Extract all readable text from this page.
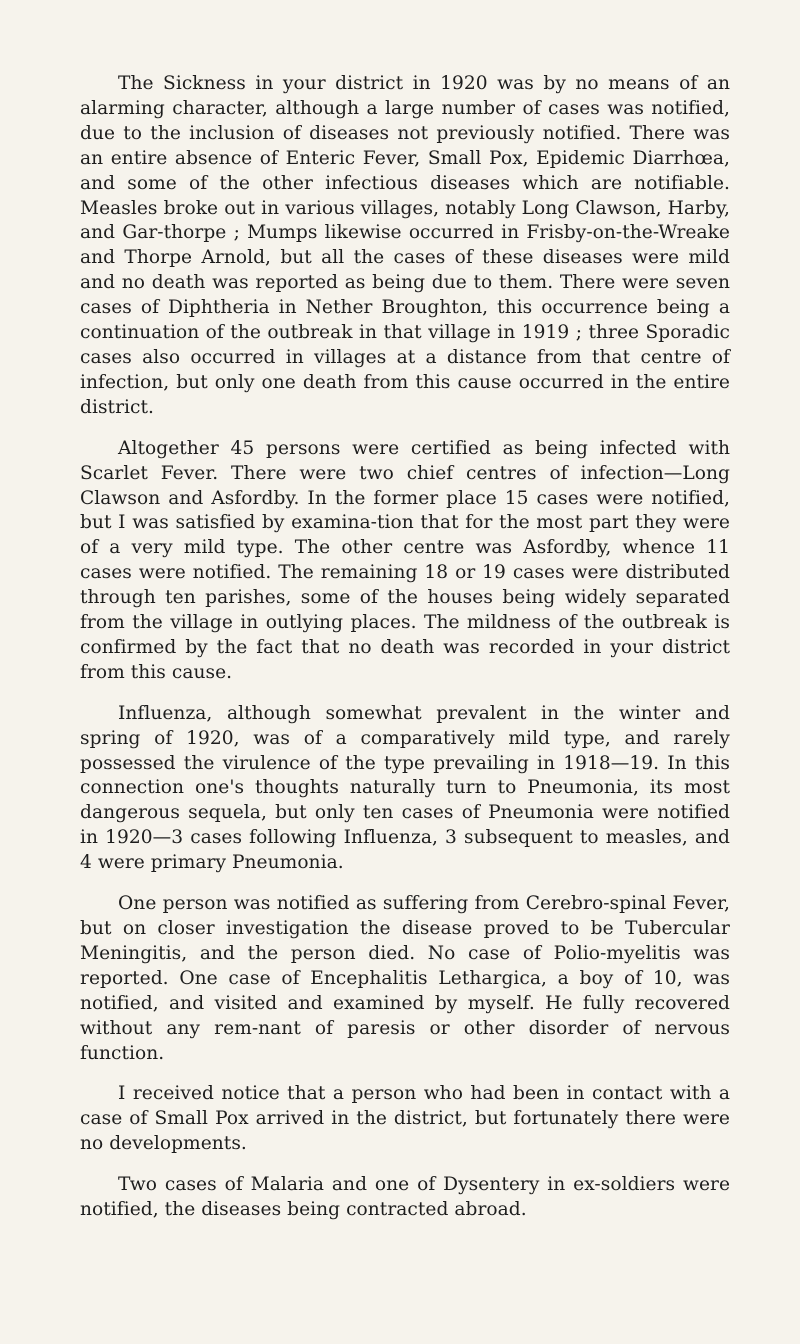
The Sickness in your district in 1920 was by no means of an alarming character, although a large number of cases was notified, due to the inclusion of diseases not previously notified. There was an entire absence of Enteric Fever, Small Pox, Epidemic Diarrhœa, and some of the other infectious diseases which are notifiable. Measles broke out in various villages, notably Long Clawson, Harby, and Gar-thorpe ; Mumps likewise occurred in Frisby-on-the-Wreake and Thorpe Arnold, but all the cases of these diseases were mild and no death was reported as being due to them. There were seven cases of Diphtheria in Nether Broughton, this occurrence being a continuation of the outbreak in that village in 1919 ; three Sporadic cases also occurred in villages at a distance from that centre of infection, but only one death from this cause occurred in the entire district.

Altogether 45 persons were certified as being infected with Scarlet Fever. There were two chief centres of infection—Long Clawson and Asfordby. In the former place 15 cases were notified, but I was satisfied by examina-tion that for the most part they were of a very mild type. The other centre was Asfordby, whence 11 cases were notified. The remaining 18 or 19 cases were distributed through ten parishes, some of the houses being widely separated from the village in outlying places. The mildness of the outbreak is confirmed by the fact that no death was recorded in your district from this cause.

Influenza, although somewhat prevalent in the winter and spring of 1920, was of a comparatively mild type, and rarely possessed the virulence of the type prevailing in 1918—19. In this connection one's thoughts naturally turn to Pneumonia, its most dangerous sequela, but only ten cases of Pneumonia were notified in 1920—3 cases following Influenza, 3 subsequent to measles, and 4 were primary Pneumonia.

One person was notified as suffering from Cerebro-spinal Fever, but on closer investigation the disease proved to be Tubercular Meningitis, and the person died. No case of Polio-myelitis was reported. One case of Encephalitis Lethargica, a boy of 10, was notified, and visited and examined by myself. He fully recovered without any rem-nant of paresis or other disorder of nervous function.

I received notice that a person who had been in contact with a case of Small Pox arrived in the district, but fortunately there were no developments.

Two cases of Malaria and one of Dysentery in ex-soldiers were notified, the diseases being contracted abroad.
